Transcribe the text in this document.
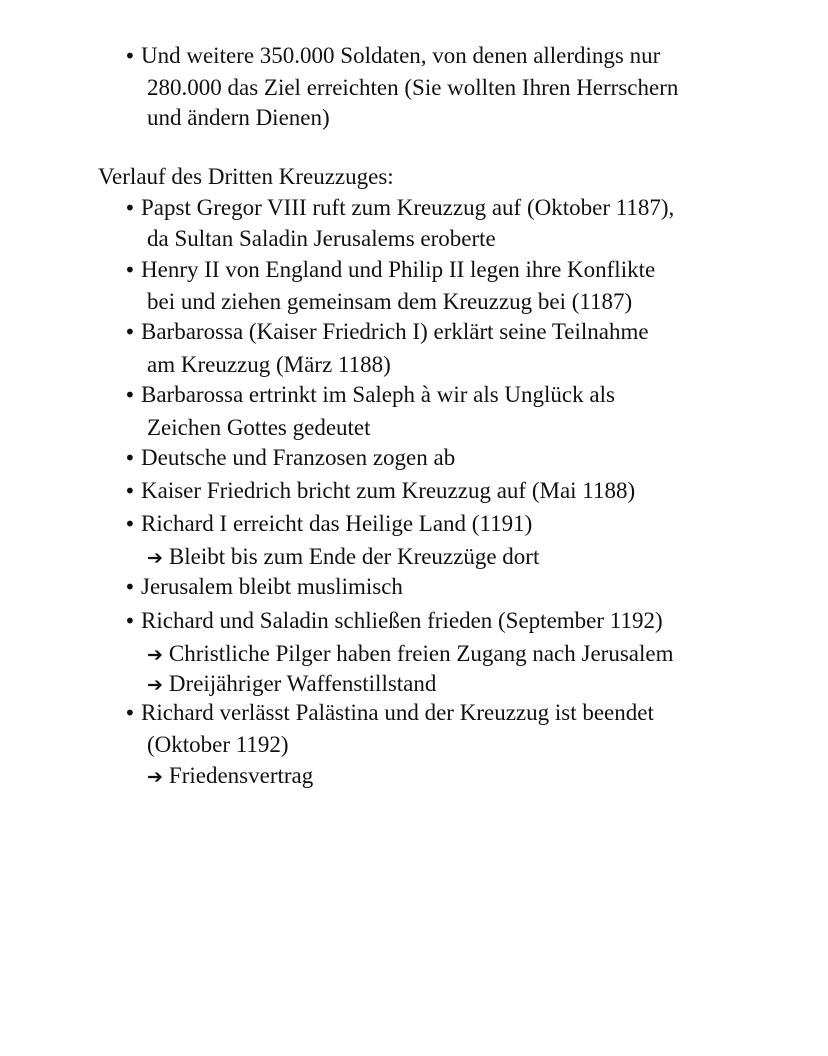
• Und weitere 350.000 Soldaten, von denen allerdings nur
280.000 das Ziel erreichten (Sie wollten Ihren Herrschern
und ändern Dienen)
Verlauf des Dritten Kreuzzuges:
• Papst Gregor VIII ruft zum Kreuzzug auf (Oktober 1187),
da Sultan Saladin Jerusalems eroberte
• Henry II von England und Philip II legen ihre Konflikte
bei und ziehen gemeinsam dem Kreuzzug bei (1187)
• Barbarossa (Kaiser Friedrich I) erklärt seine Teilnahme
am Kreuzzug (März 1188)
• Barbarossa ertrinkt im Saleph à wir als Unglück als
Zeichen Gottes gedeutet
• Deutsche und Franzosen zogen ab
• Kaiser Friedrich bricht zum Kreuzzug auf (Mai 1188)
• Richard I erreicht das Heilige Land (1191)
➔ Bleibt bis zum Ende der Kreuzzüge dort
• Jerusalem bleibt muslimisch
• Richard und Saladin schließen frieden (September 1192)
➔ Christliche Pilger haben freien Zugang nach Jerusalem
➔ Dreijähriger Waffenstillstand
• Richard verlässt Palästina und der Kreuzzug ist beendet
(Oktober 1192)
➔ Friedensvertrag
